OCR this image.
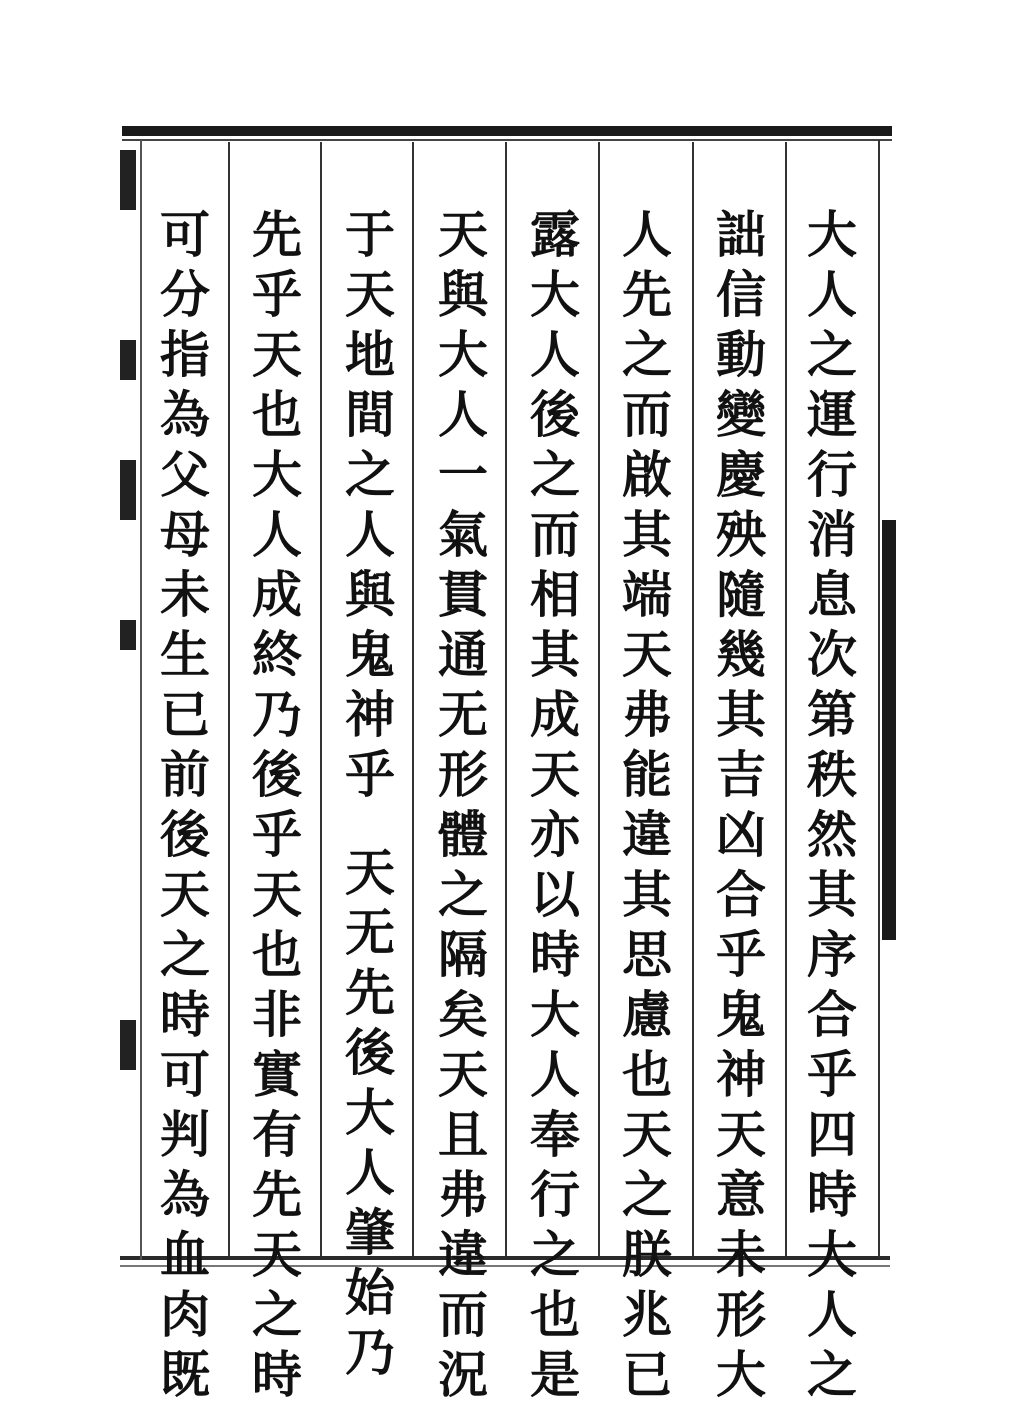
大
人
之
運
行
消
息
次
第
秩
然
其
序
合
乎
四
時
大
人
之
詘
信
動
變
慶
殃
隨
幾
其
吉
凶
合
乎
鬼
神
天
意
未
形
大
人
先
之
而
啟
其
端
天
弗
能
違
其
思
慮
也
天
之
朕
兆
已
露
大
人
後
之
而
相
其
成
天
亦
以
時
大
人
奉
行
之
也
是
天
與
大
人
一
氣
貫
通
无
形
體
之
隔
矣
天
且
弗
違
而
況
于
天
地
間
之
人
與
鬼
神
乎
天
无
先
後
大
人
肇
始
乃
先
乎
天
也
大
人
成
終
乃
後
乎
天
也
非
實
有
先
天
之
時
可
分
指
為
父
母
未
生
已
前
後
天
之
時
可
判
為
血
肉
既
